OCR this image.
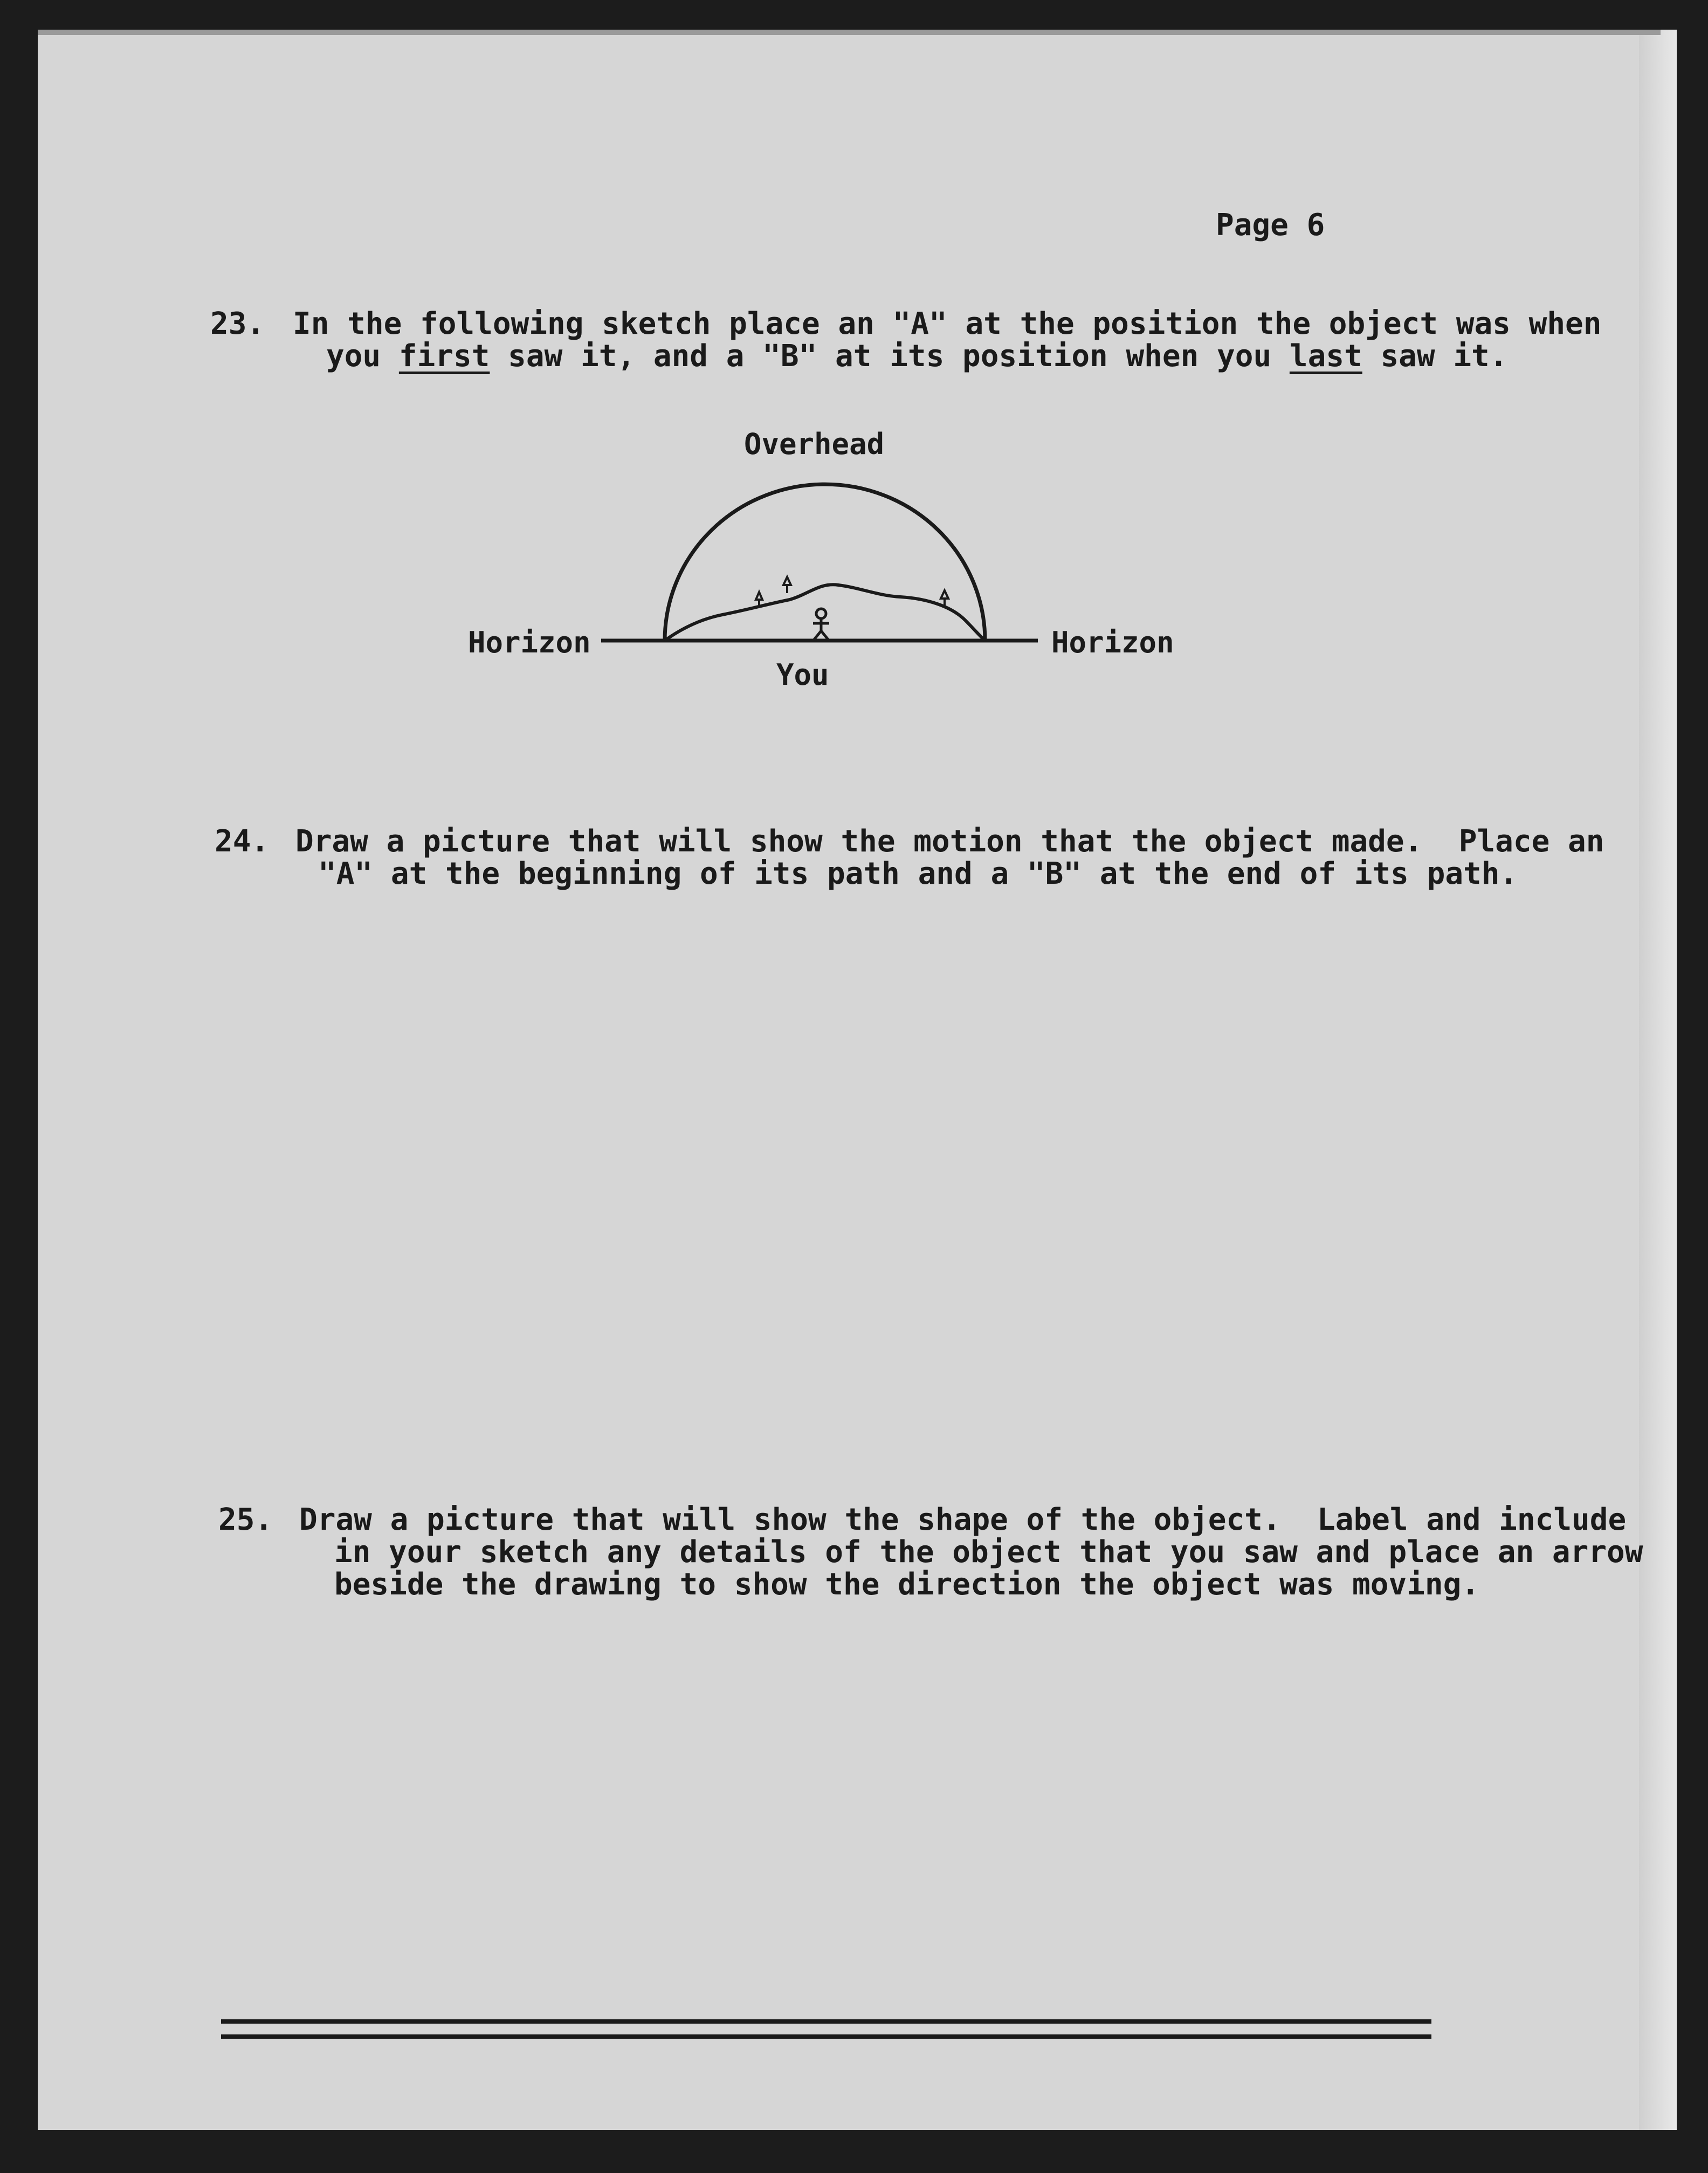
Page 6
23. In the following sketch place an "A" at the position the object was when
you first saw it, and a "B" at its position when you last saw it.
Overhead
Horizon	Horizon
You
24. Draw a picture that will show the motion that the object made.  Place an
"A" at the beginning of its path and a "B" at the end of its path.
25. Draw a picture that will show the shape of the object.  Label and include
in your sketch any details of the object that you saw and place an arrow
beside the drawing to show the direction the object was moving.
